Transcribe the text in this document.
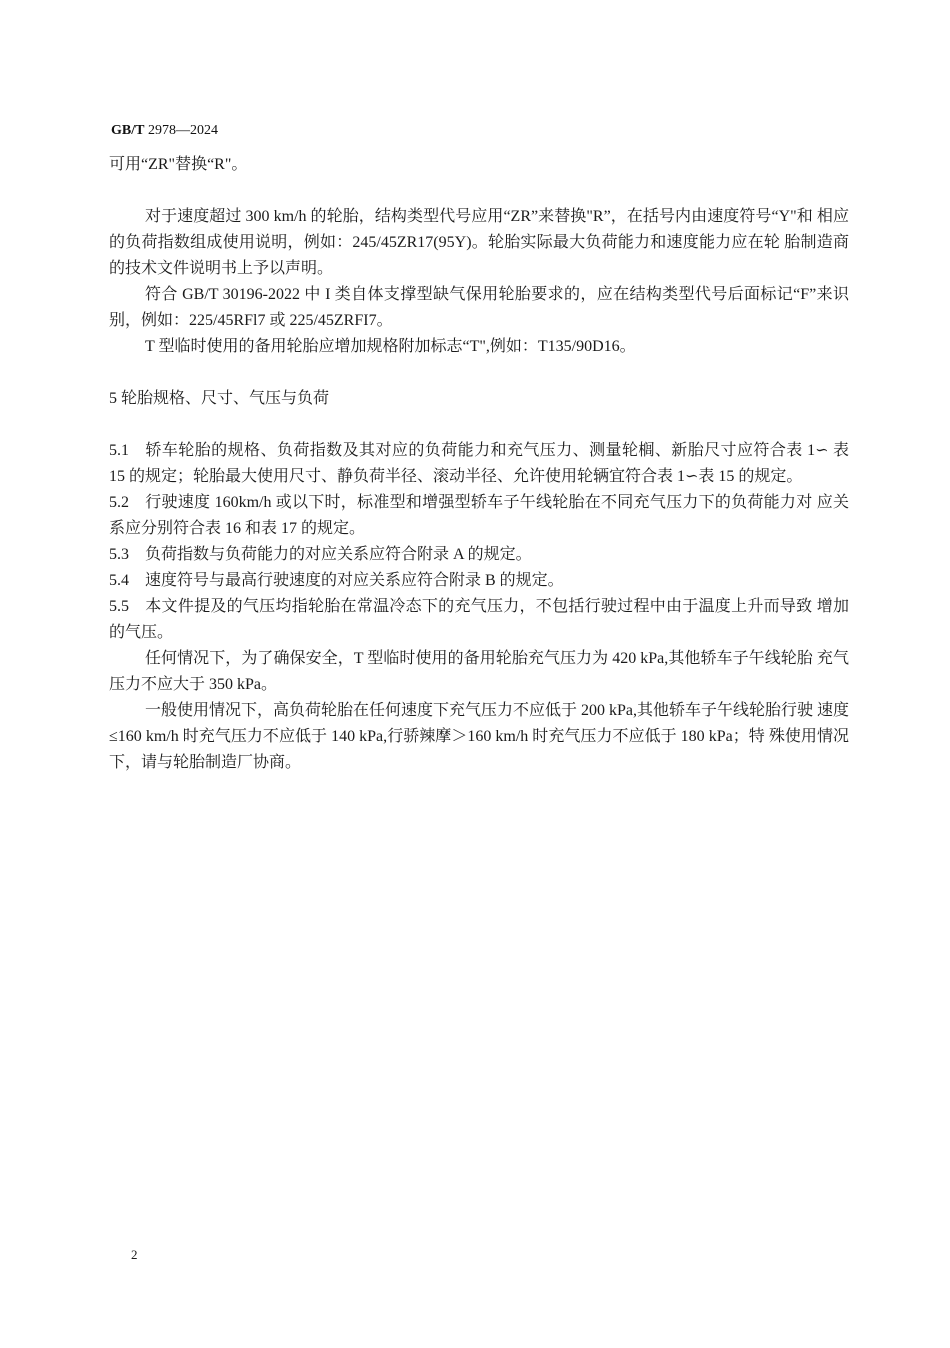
GB/T 2978—2024

可用“ZR"替换“R"。

对于速度超过 300 km/h 的轮胎，结构类型代号应用“ZR”来替换"R”，在括号内由速度符号“Y"和 相应的负荷指数组成使用说明，例如：245/45ZR17(95Y)。轮胎实际最大负荷能力和速度能力应在轮 胎制造商的技术文件说明书上予以声明。

符合 GB/T 30196-2022 中 I 类自体支撑型缺气保用轮胎要求的，应在结构类型代号后面标记“F”来识别，例如：225/45RFl7 或 225/45ZRFI7。

T 型临时使用的备用轮胎应增加规格附加标志“T",例如：T135/90D16。

5 轮胎规格、尺寸、气压与负荷

5.1 轿车轮胎的规格、负荷指数及其对应的负荷能力和充气压力、测量轮榈、新胎尺寸应符合表 1∽ 表 15 的规定；轮胎最大使用尺寸、静负荷半径、滚动半径、允许使用轮辆宜符合表 1∽表 15 的规定。

5.2 行驶速度 160km/h 或以下时，标准型和增强型轿车子午线轮胎在不同充气压力下的负荷能力对 应关系应分别符合表 16 和表 17 的规定。

5.3 负荷指数与负荷能力的对应关系应符合附录 A 的规定。

5.4 速度符号与最高行驶速度的对应关系应符合附录 B 的规定。

5.5 本文件提及的气压均指轮胎在常温冷态下的充气压力，不包括行驶过程中由于温度上升而导致 增加的气压。

任何情况下，为了确保安全，T 型临时使用的备用轮胎充气压力为 420 kPa,其他轿车子午线轮胎 充气压力不应大于 350 kPa。

一般使用情况下，高负荷轮胎在任何速度下充气压力不应低于 200 kPa,其他轿车子午线轮胎行驶 速度≤160 km/h 时充气压力不应低于 140 kPa,行骄辣摩＞160 km/h 时充气压力不应低于 180 kPa；特 殊使用情况下，请与轮胎制造厂协商。

2
